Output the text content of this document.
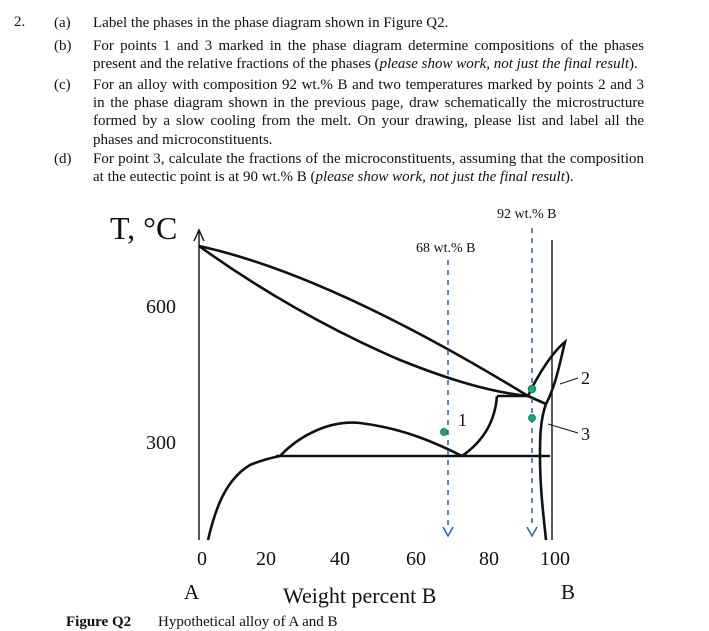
2. (a) Label the phases in the phase diagram shown in Figure Q2.
(b) For points 1 and 3 marked in the phase diagram determine compositions of the phases present and the relative fractions of the phases (please show work, not just the final result).
(c) For an alloy with composition 92 wt.% B and two temperatures marked by points 2 and 3 in the phase diagram shown in the previous page, draw schematically the microstructure formed by a slow cooling from the melt. On your drawing, please list and label all the phases and microconstituents.
(d) For point 3, calculate the fractions of the microconstituents, assuming that the composition at the eutectic point is at 90 wt.% B (please show work, not just the final result).
T, °C
600
300
68 wt.% B
92 wt.% B
1
2
3
0 20	40	60	80 100
A	B
Weight percent B
Figure Q2 Hypothetical alloy of A and B
